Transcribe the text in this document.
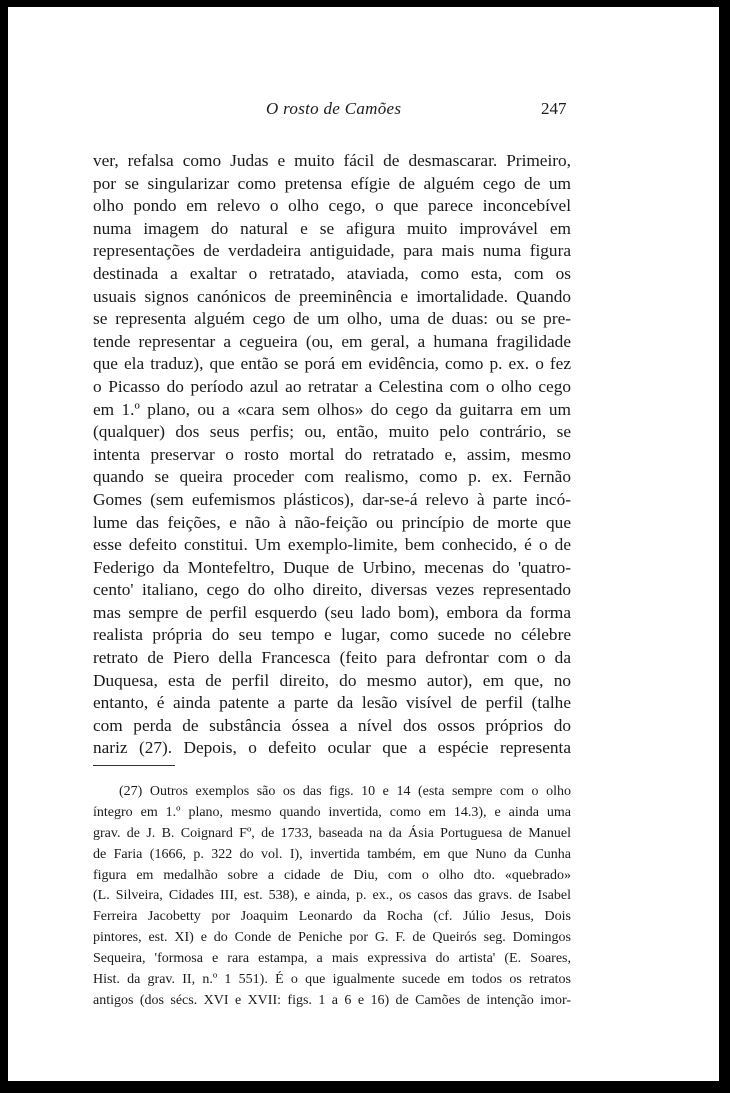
O rosto de Camões	247
ver, refalsa como Judas e muito fácil de desmascarar. Primeiro,
por se singularizar como pretensa efígie de alguém cego de um
olho pondo em relevo o olho cego, o que parece inconcebível
numa imagem do natural e se afigura muito improvável em
representações de verdadeira antiguidade, para mais numa figura
destinada a exaltar o retratado, ataviada, como esta, com os
usuais signos canónicos de preeminência e imortalidade. Quando
se representa alguém cego de um olho, uma de duas: ou se pre-
tende representar a cegueira (ou, em geral, a humana fragilidade
que ela traduz), que então se porá em evidência, como p. ex. o fez
o Picasso do período azul ao retratar a Celestina com o olho cego
em 1.º plano, ou a «cara sem olhos» do cego da guitarra em um
(qualquer) dos seus perfis; ou, então, muito pelo contrário, se
intenta preservar o rosto mortal do retratado e, assim, mesmo
quando se queira proceder com realismo, como p. ex. Fernão
Gomes (sem eufemismos plásticos), dar-se-á relevo à parte incó-
lume das feições, e não à não-feição ou princípio de morte que
esse defeito constitui. Um exemplo-limite, bem conhecido, é o de
Federigo da Montefeltro, Duque de Urbino, mecenas do 'quatro-
cento' italiano, cego do olho direito, diversas vezes representado
mas sempre de perfil esquerdo (seu lado bom), embora da forma
realista própria do seu tempo e lugar, como sucede no célebre
retrato de Piero della Francesca (feito para defrontar com o da
Duquesa, esta de perfil direito, do mesmo autor), em que, no
entanto, é ainda patente a parte da lesão visível de perfil (talhe
com perda de substância óssea a nível dos ossos próprios do
nariz (27). Depois, o defeito ocular que a espécie representa
(27) Outros exemplos são os das figs. 10 e 14 (esta sempre com o olho
íntegro em 1.º plano, mesmo quando invertida, como em 14.3), e ainda uma
grav. de J. B. Coignard Fº, de 1733, baseada na da Ásia Portuguesa de Manuel
de Faria (1666, p. 322 do vol. I), invertida também, em que Nuno da Cunha
figura em medalhão sobre a cidade de Diu, com o olho dto. «quebrado»
(L. Silveira, Cidades III, est. 538), e ainda, p. ex., os casos das gravs. de Isabel
Ferreira Jacobetty por Joaquim Leonardo da Rocha (cf. Júlio Jesus, Dois
pintores, est. XI) e do Conde de Peniche por G. F. de Queirós seg. Domingos
Sequeira, 'formosa e rara estampa, a mais expressiva do artista' (E. Soares,
Hist. da grav. II, n.º 1 551). É o que igualmente sucede em todos os retratos
antigos (dos sécs. XVI e XVII: figs. 1 a 6 e 16) de Camões de intenção imor-
